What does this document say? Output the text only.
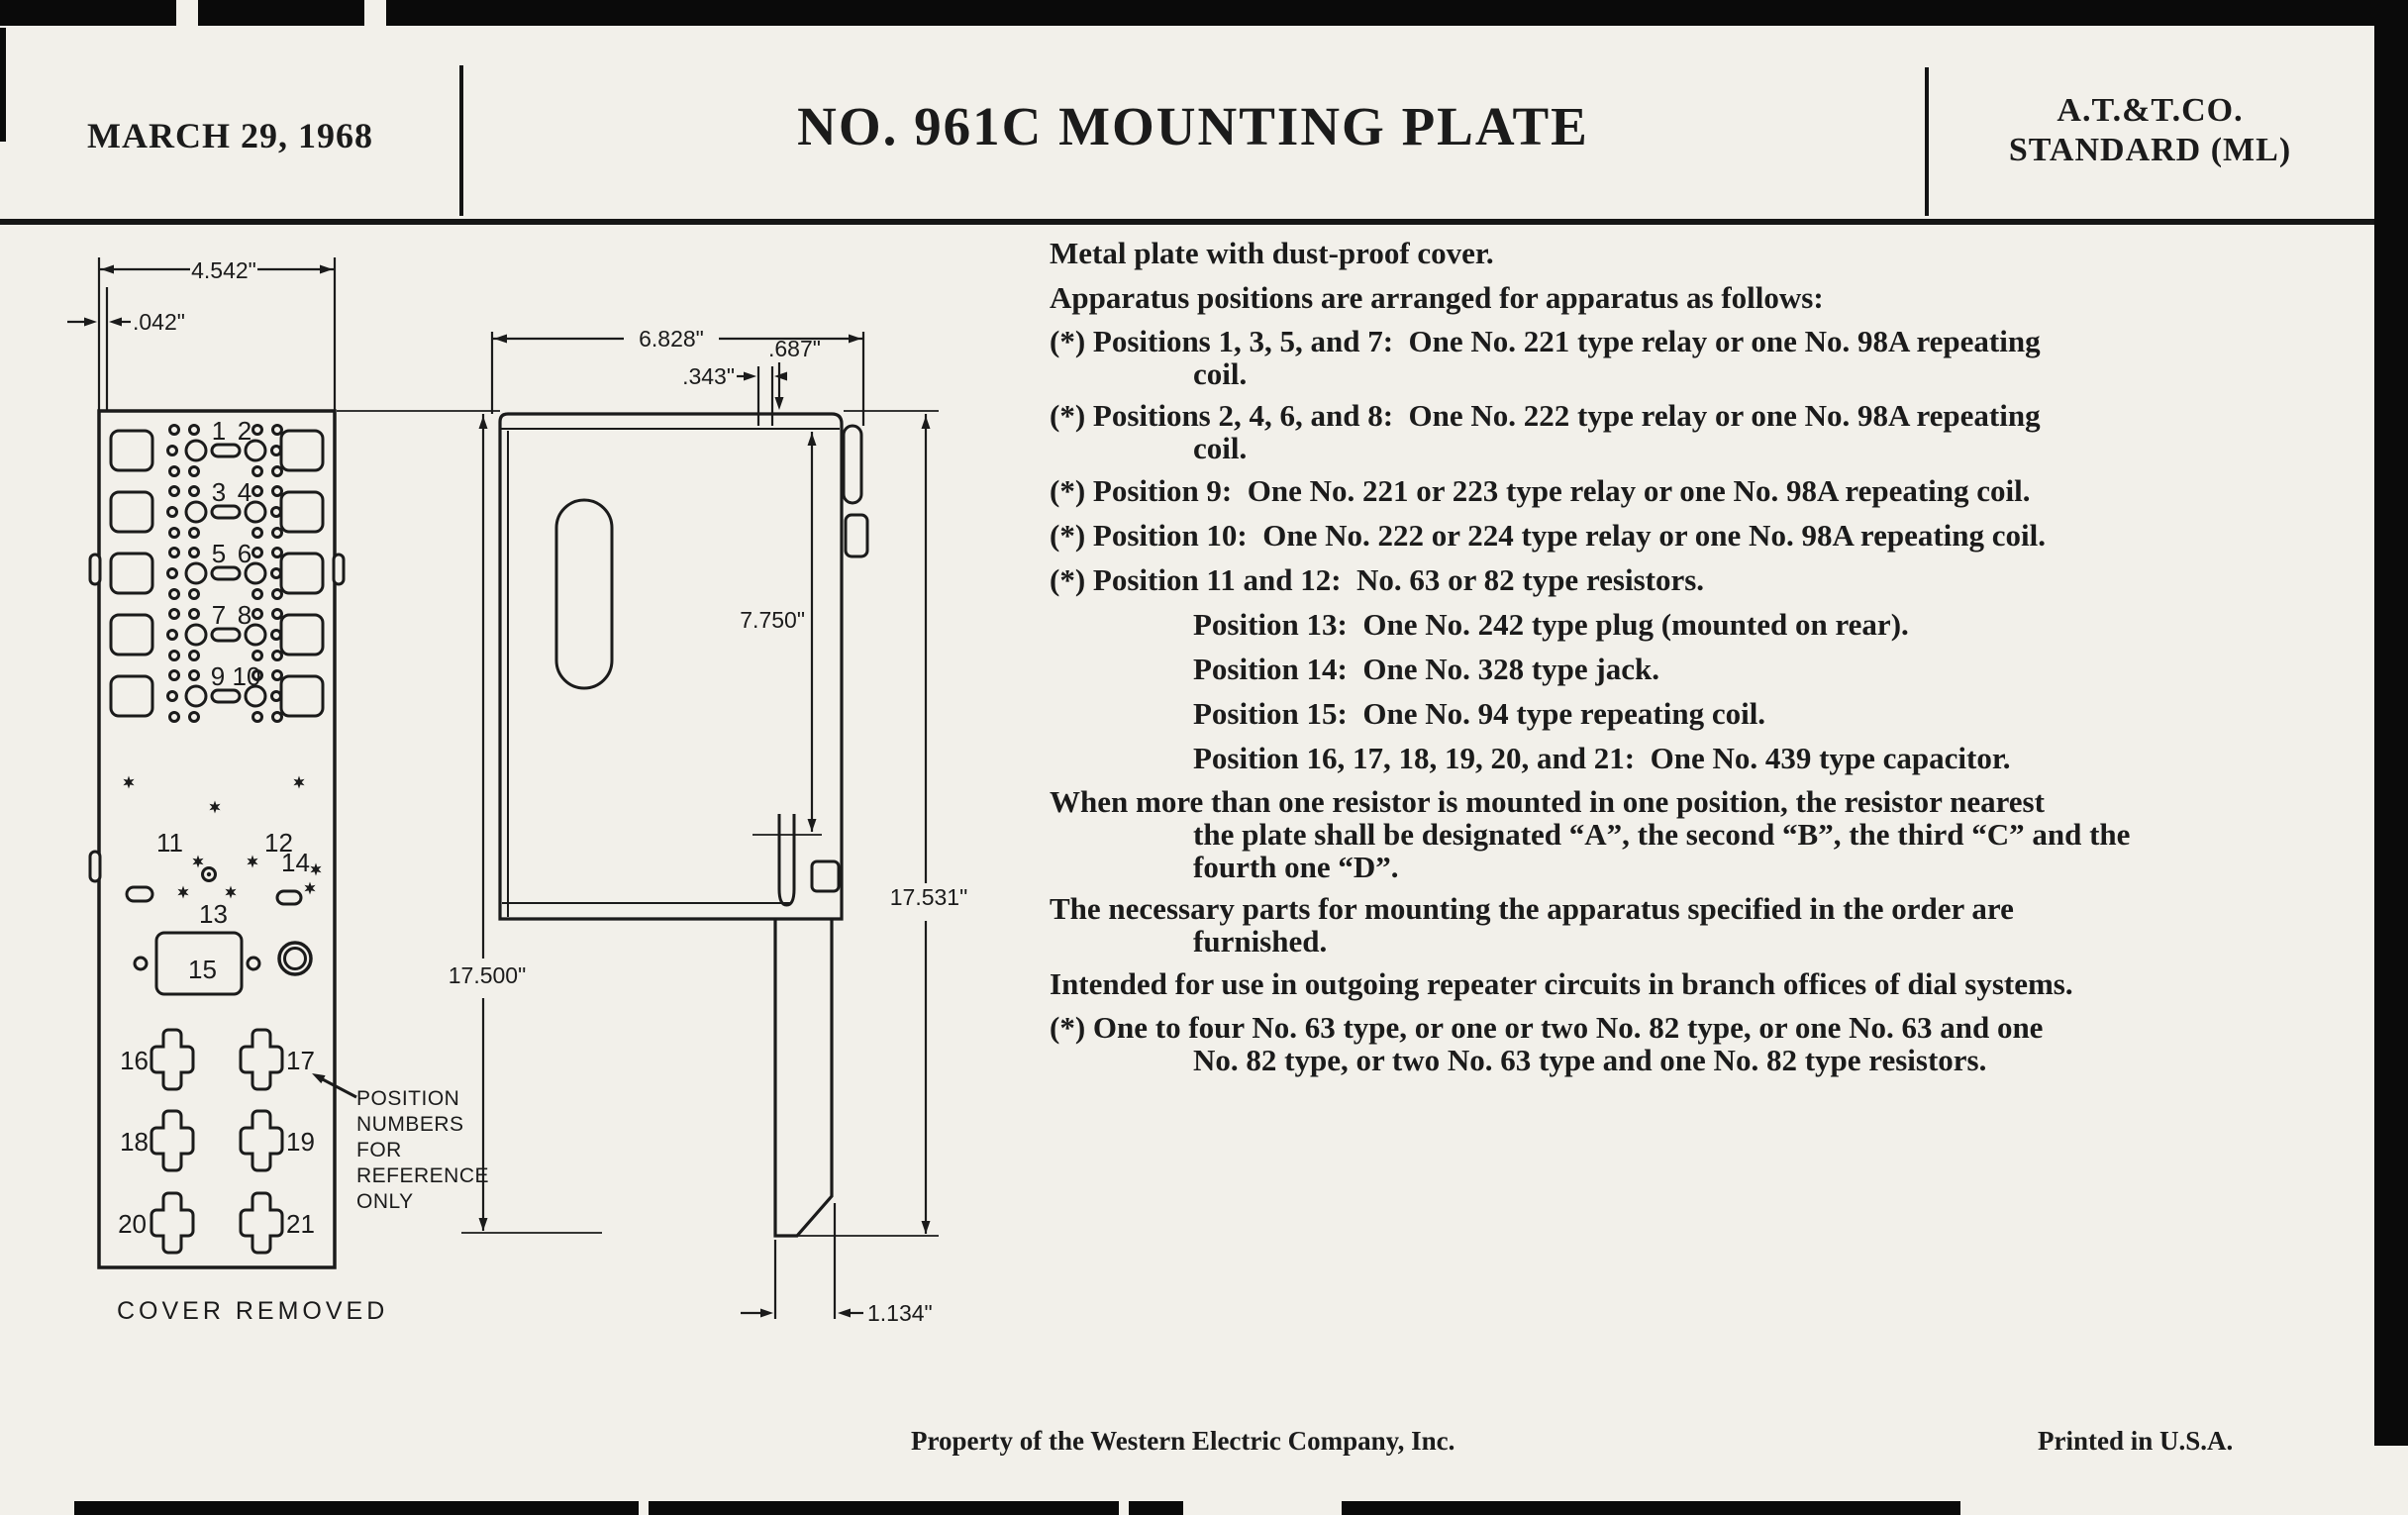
MARCH 29, 1968	NO. 961C MOUNTING PLATE	A.T.&T.CO.
STANDARD (ML)
4.542"
.042"
1 2
3 4
5 6
7 8
9 10
11	12
13
14
15
16	17
18	19
20	21
COVER REMOVED
POSITION
NUMBERS
FOR
REFERENCE
ONLY
6.828"	.687"
.343"
7.750"
17.500"
17.531"
1.134"

Metal plate with dust-proof cover.

Apparatus positions are arranged for apparatus as follows:

(*) Positions 1, 3, 5, and 7:  One No. 221 type relay or one No. 98A repeating
coil.

(*) Positions 2, 4, 6, and 8:  One No. 222 type relay or one No. 98A repeating
coil.

(*) Position 9:  One No. 221 or 223 type relay or one No. 98A repeating coil.

(*) Position 10:  One No. 222 or 224 type relay or one No. 98A repeating coil.

(*) Position 11 and 12:  No. 63 or 82 type resistors.

Position 13:  One No. 242 type plug (mounted on rear).

Position 14:  One No. 328 type jack.

Position 15:  One No. 94 type repeating coil.

Position 16, 17, 18, 19, 20, and 21:  One No. 439 type capacitor.

When more than one resistor is mounted in one position, the resistor nearest
the plate shall be designated “A”, the second “B”, the third “C” and the
fourth one “D”.

The necessary parts for mounting the apparatus specified in the order are
furnished.

Intended for use in outgoing repeater circuits in branch offices of dial systems.

(*) One to four No. 63 type, or one or two No. 82 type, or one No. 63 and one
No. 82 type, or two No. 63 type and one No. 82 type resistors.

Property of the Western Electric Company, Inc.	Printed in U.S.A.
